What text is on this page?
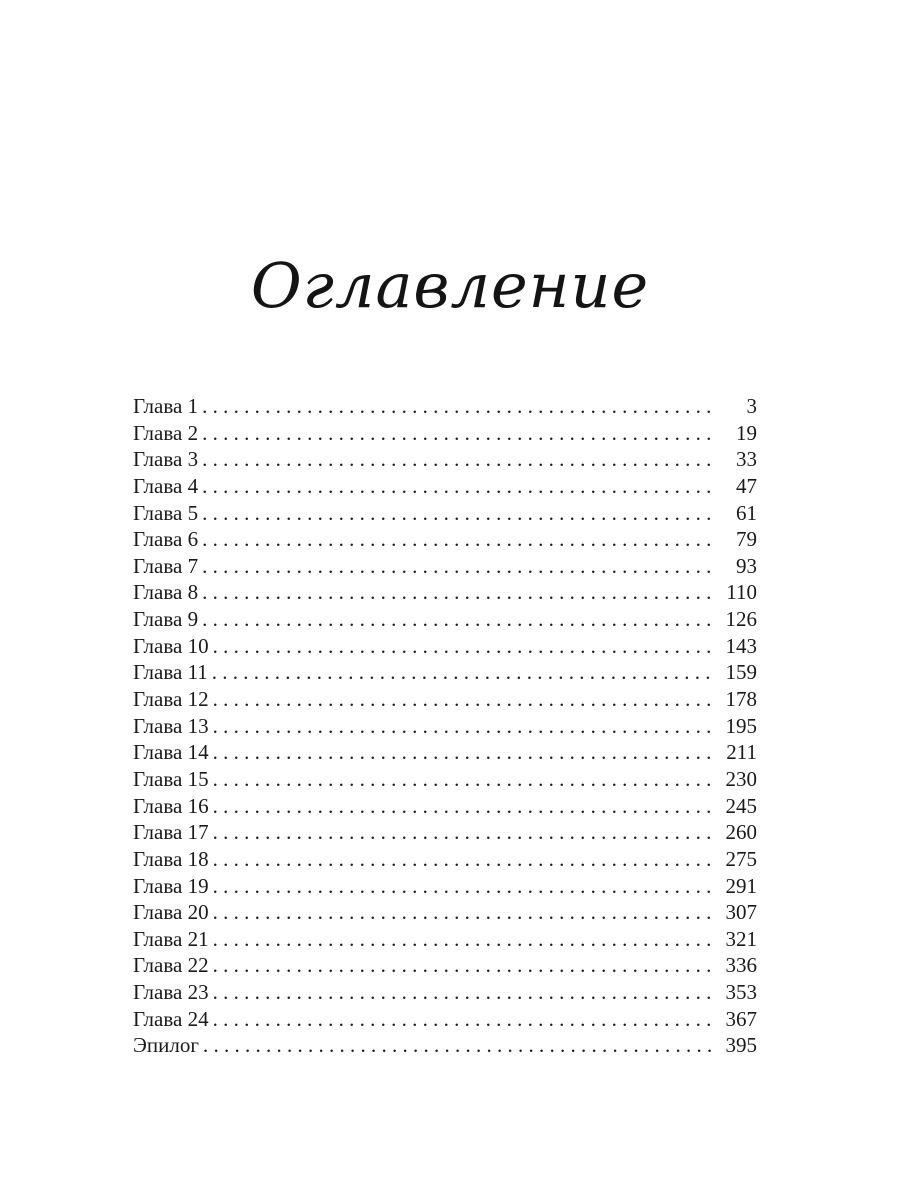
Оглавление
Глава 1 . . .	3
Глава 2 . . .	19
Глава 3 . . .	33
Глава 4 . . .	47
Глава 5 . . .	61
Глава 6 . . .	79
Глава 7 . . .	93
Глава 8 . . .	110
Глава 9 . . .	126
Глава 10 . . .	143
Глава 11 . . .	159
Глава 12 . . .	178
Глава 13 . . .	195
Глава 14 . . .	211
Глава 15 . . .	230
Глава 16 . . .	245
Глава 17 . . .	260
Глава 18 . . .	275
Глава 19 . . .	291
Глава 20 . . .	307
Глава 21 . . .	321
Глава 22 . . .	336
Глава 23 . . .	353
Глава 24 . . .	367
Эпилог . . .	395
